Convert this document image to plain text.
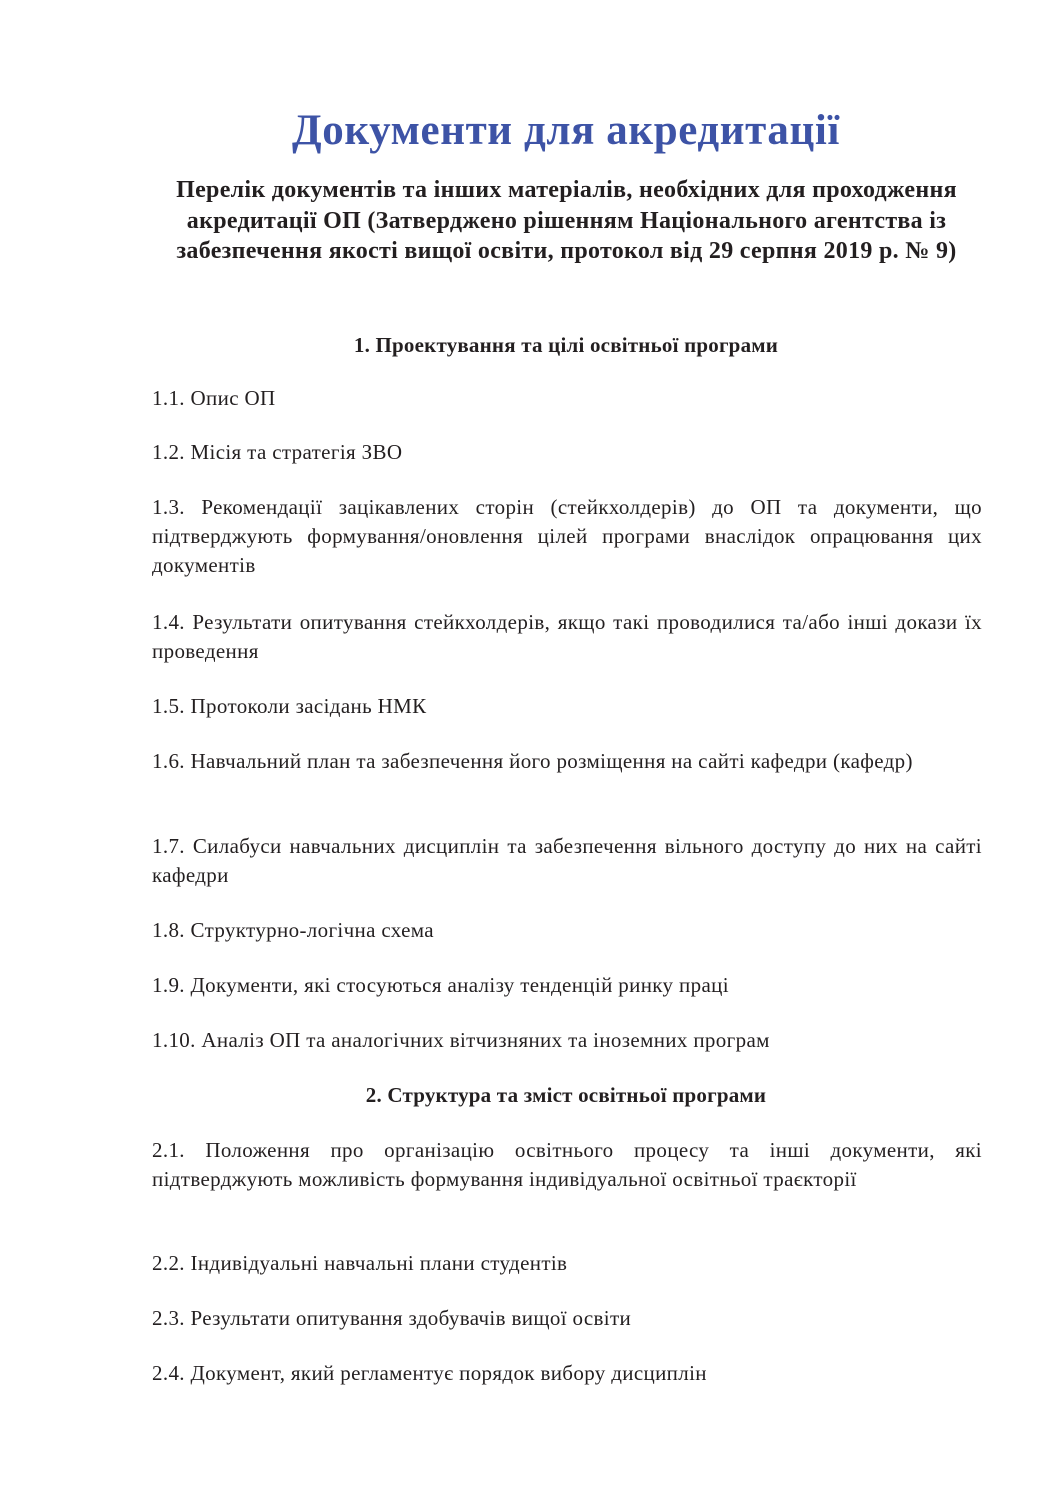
Документи для акредитації

Перелік документів та інших матеріалів, необхідних для проходження акредитації ОП (Затверджено рішенням Національного агентства із забезпечення якості вищої освіти, протокол від 29 серпня 2019 р. № 9)

1. Проектування та цілі освітньої програми

1.1. Опис ОП

1.2. Місія та стратегія ЗВО

1.3. Рекомендації зацікавлених сторін (стейкхолдерів) до ОП та документи, що підтверджують формування/оновлення цілей програми внаслідок опрацювання цих документів

1.4. Результати опитування стейкхолдерів, якщо такі проводилися та/або інші докази їх проведення

1.5. Протоколи засідань НМК

1.6. Навчальний план та забезпечення його розміщення на сайті кафедри (кафедр)

1.7. Силабуси навчальних дисциплін та забезпечення вільного доступу до них на сайті кафедри

1.8. Структурно-логічна схема

1.9. Документи, які стосуються аналізу тенденцій ринку праці

1.10. Аналіз ОП та аналогічних вітчизняних та іноземних програм

2. Структура та зміст освітньої програми

2.1. Положення про організацію освітнього процесу та інші документи, які підтверджують можливість формування індивідуальної освітньої траєкторії

2.2. Індивідуальні навчальні плани студентів

2.3. Результати опитування здобувачів вищої освіти

2.4. Документ, який регламентує порядок вибору дисциплін
